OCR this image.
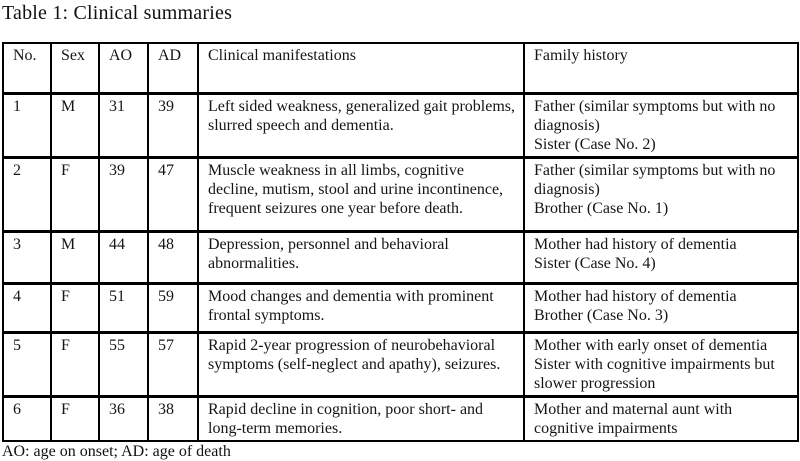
Table 1: Clinical summaries
No.	Sex	AO	AD	Clinical manifestations	Family history
1	M	31	39	Left sided weakness, generalized gait problems, slurred speech and dementia.	Father (similar symptoms but with no diagnosis)
Sister (Case No. 2)

2	F	39	47	Muscle weakness in all limbs, cognitive decline, mutism, stool and urine incontinence, frequent seizures one year before death.	Father (similar symptoms but with no diagnosis)
Brother (Case No. 1)

3	M	44	48	Depression, personnel and behavioral abnormalities.	Mother had history of dementia
Sister (Case No. 4)

4	F	51	59	Mood changes and dementia with prominent frontal symptoms.	Mother had history of dementia
Brother (Case No. 3)

5	F	55	57	Rapid 2-year progression of neurobehavioral symptoms (self-neglect and apathy), seizures.	Mother with early onset of dementia
Sister with cognitive impairments but slower progression

6	F	36	38	Rapid decline in cognition, poor short- and long-term memories.	Mother and maternal aunt with cognitive impairments
AO: age on onset; AD: age of death
